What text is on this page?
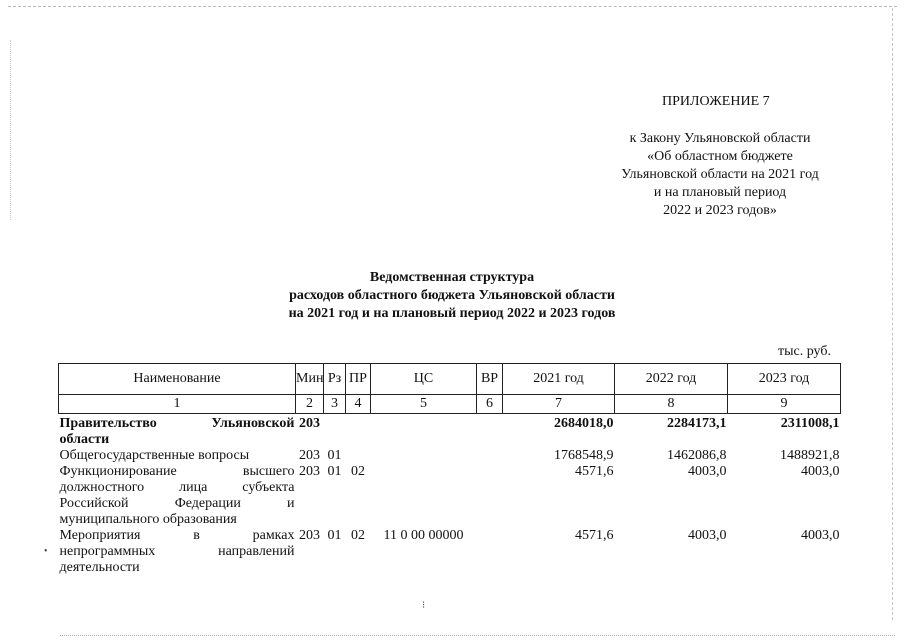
ПРИЛОЖЕНИЕ 7
к Закону Ульяновской области
«Об областном бюджете
Ульяновской области на 2021 год
и на плановый период
2022 и 2023 годов»
Ведомственная структура
расходов областного бюджета Ульяновской области
на 2021 год и на плановый период 2022 и 2023 годов
тыс. руб.
Наименование	Мин	Рз	ПР	ЦС	ВР	2021 год	2022 год	2023 год
1	2	3	4	5	6	7	8	9
Правительство Ульяновской области	203					2684018,0	2284173,1	2311008,1
Общегосударственные вопросы	203	01				1768548,9	1462086,8	1488921,8
Функционирование высшего должностного лица субъекта Российской Федерации и муниципального образования	203	01	02			4571,6	4003,0	4003,0
Мероприятия в рамках непрограммных направлений деятельности	203	01	02	11 0 00 00000		4571,6	4003,0	4003,0
•
⁝
